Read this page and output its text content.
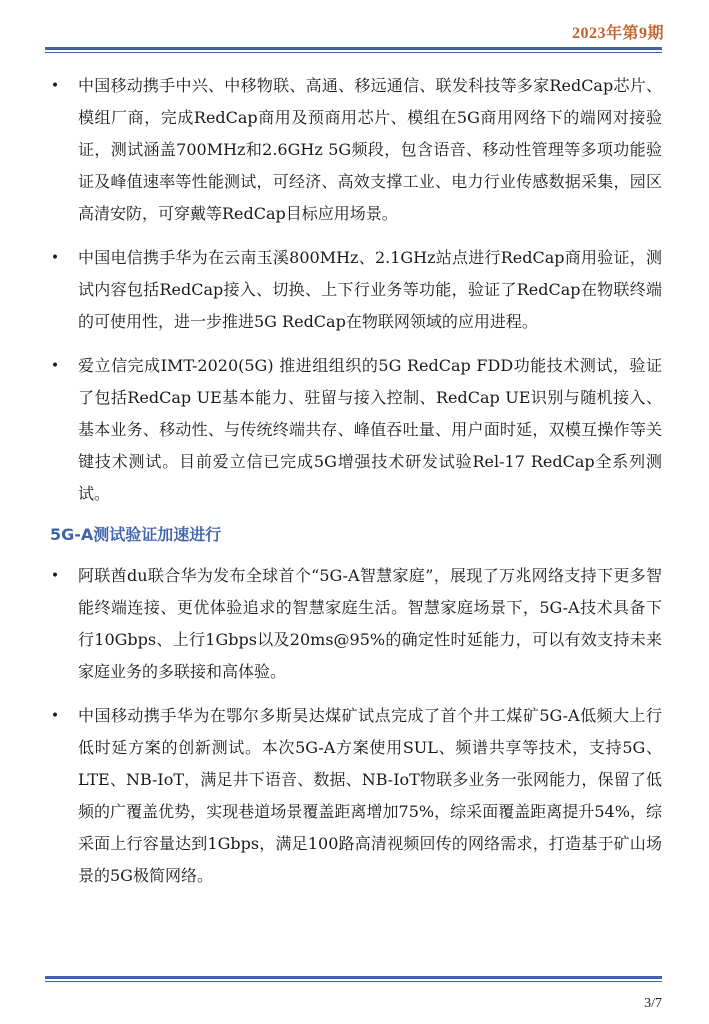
2023年第9期
• 中国移动携手中兴、中移物联、高通、移远通信、联发科技等多家RedCap芯片、模组厂商，完成RedCap商用及预商用芯片、模组在5G商用网络下的端网对接验证，测试涵盖700MHz和2.6GHz 5G频段，包含语音、移动性管理等多项功能验证及峰值速率等性能测试，可经济、高效支撑工业、电力行业传感数据采集，园区高清安防，可穿戴等RedCap目标应用场景。
• 中国电信携手华为在云南玉溪800MHz、2.1GHz站点进行RedCap商用验证，测试内容包括RedCap接入、切换、上下行业务等功能，验证了RedCap在物联终端的可使用性，进一步推进5G RedCap在物联网领域的应用进程。
• 爱立信完成IMT-2020(5G) 推进组组织的5G RedCap FDD功能技术测试，验证了包括RedCap UE基本能力、驻留与接入控制、RedCap UE识别与随机接入、基本业务、移动性、与传统终端共存、峰值吞吐量、用户面时延，双模互操作等关键技术测试。目前爱立信已完成5G增强技术研发试验Rel-17 RedCap全系列测试。
5G-A测试验证加速进行
• 阿联酋du联合华为发布全球首个“5G-A智慧家庭”，展现了万兆网络支持下更多智能终端连接、更优体验追求的智慧家庭生活。智慧家庭场景下，5G-A技术具备下行10Gbps、上行1Gbps以及20ms@95%的确定性时延能力，可以有效支持未来家庭业务的多联接和高体验。
• 中国移动携手华为在鄂尔多斯昊达煤矿试点完成了首个井工煤矿5G-A低频大上行低时延方案的创新测试。本次5G-A方案使用SUL、频谱共享等技术，支持5G、LTE、NB-IoT，满足井下语音、数据、NB-IoT物联多业务一张网能力，保留了低频的广覆盖优势，实现巷道场景覆盖距离增加75%，综采面覆盖距离提升54%，综采面上行容量达到1Gbps，满足100路高清视频回传的网络需求，打造基于矿山场景的5G极简网络。
3/7
